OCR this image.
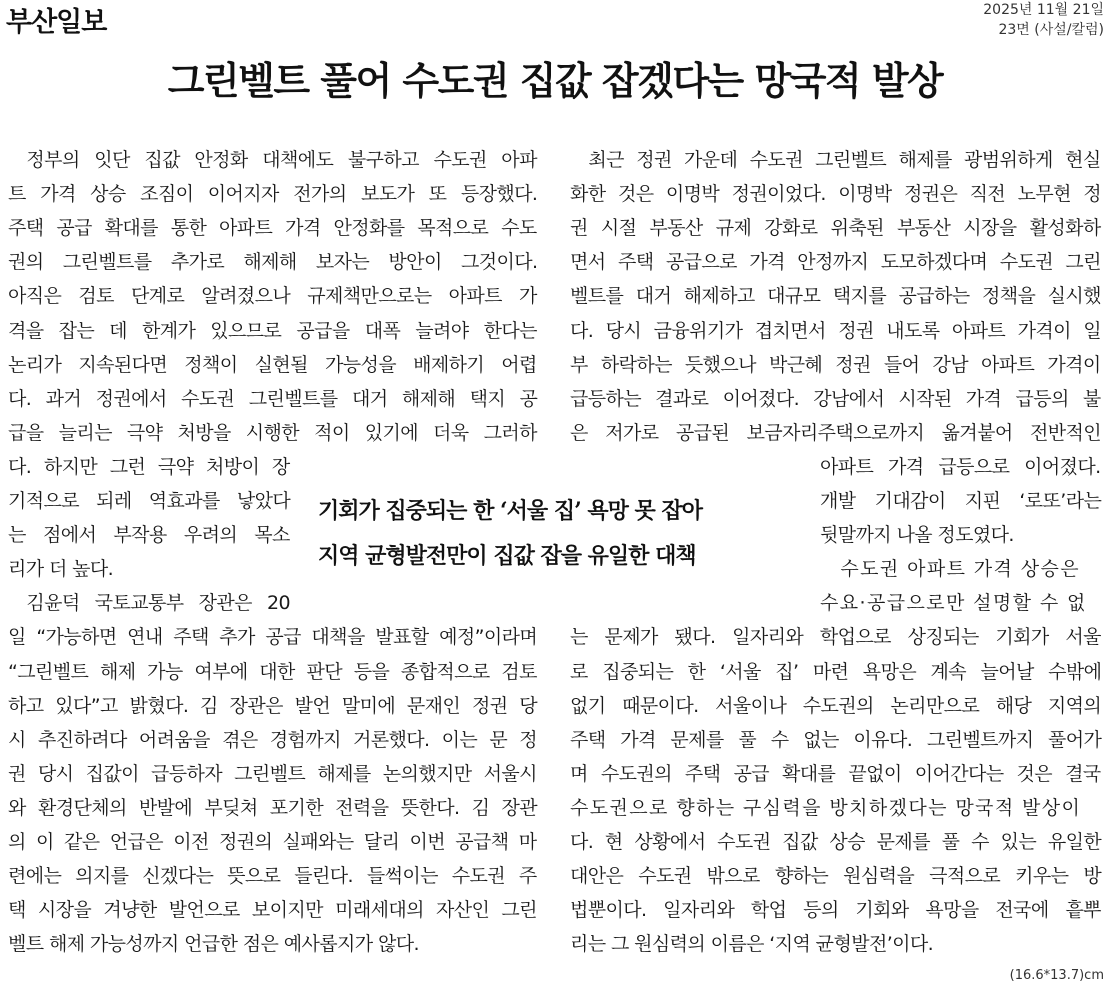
부산일보	2025년 11월 21일
23면 (사설/칼럼)
그린벨트 풀어 수도권 집값 잡겠다는 망국적 발상
기회가 집중되는 한 ‘서울 집’ 욕망 못 잡아
지역 균형발전만이 집값 잡을 유일한 대책
　정부의 잇단 집값 안정화 대책에도 불구하고 수도권 아파
트 가격 상승 조짐이 이어지자 전가의 보도가 또 등장했다.
주택 공급 확대를 통한 아파트 가격 안정화를 목적으로 수도
권의 그린벨트를 추가로 해제해 보자는 방안이 그것이다.
아직은 검토 단계로 알려졌으나 규제책만으로는 아파트 가
격을 잡는 데 한계가 있으므로 공급을 대폭 늘려야 한다는
논리가 지속된다면 정책이 실현될 가능성을 배제하기 어렵
다. 과거 정권에서 수도권 그린벨트를 대거 해제해 택지 공
급을 늘리는 극약 처방을 시행한 적이 있기에 더욱 그러하
다. 하지만 그런 극약 처방이 장
기적으로 되레 역효과를 낳았다
는 점에서 부작용 우려의 목소
리가 더 높다.
　김윤덕 국토교통부 장관은 20
일 “가능하면 연내 주택 추가 공급 대책을 발표할 예정”이라며
“그린벨트 해제 가능 여부에 대한 판단 등을 종합적으로 검토
하고 있다”고 밝혔다. 김 장관은 발언 말미에 문재인 정권 당
시 추진하려다 어려움을 겪은 경험까지 거론했다. 이는 문 정
권 당시 집값이 급등하자 그린벨트 해제를 논의했지만 서울시
와 환경단체의 반발에 부딪쳐 포기한 전력을 뜻한다. 김 장관
의 이 같은 언급은 이전 정권의 실패와는 달리 이번 공급책 마
련에는 의지를 신겠다는 뜻으로 들린다. 들썩이는 수도권 주
택 시장을 겨냥한 발언으로 보이지만 미래세대의 자산인 그린
벨트 해제 가능성까지 언급한 점은 예사롭지가 않다.
　최근 정권 가운데 수도권 그린벨트 해제를 광범위하게 현실
화한 것은 이명박 정권이었다. 이명박 정권은 직전 노무현 정
권 시절 부동산 규제 강화로 위축된 부동산 시장을 활성화하
면서 주택 공급으로 가격 안정까지 도모하겠다며 수도권 그린
벨트를 대거 해제하고 대규모 택지를 공급하는 정책을 실시했
다. 당시 금융위기가 겹치면서 정권 내도록 아파트 가격이 일
부 하락하는 듯했으나 박근혜 정권 들어 강남 아파트 가격이
급등하는 결과로 이어졌다. 강남에서 시작된 가격 급등의 불
은 저가로 공급된 보금자리주택으로까지 옮겨붙어 전반적인
아파트 가격 급등으로 이어졌다.
개발 기대감이 지핀 ‘로또’라는
뒷말까지 나올 정도였다.
　수도권 아파트 가격 상승은
수요·공급으로만 설명할 수 없
는 문제가 됐다. 일자리와 학업으로 상징되는 기회가 서울
로 집중되는 한 ‘서울 집’ 마련 욕망은 계속 늘어날 수밖에
없기 때문이다. 서울이나 수도권의 논리만으로 해당 지역의
주택 가격 문제를 풀 수 없는 이유다. 그린벨트까지 풀어가
며 수도권의 주택 공급 확대를 끝없이 이어간다는 것은 결국
수도권으로 향하는 구심력을 방치하겠다는 망국적 발상이
다. 현 상황에서 수도권 집값 상승 문제를 풀 수 있는 유일한
대안은 수도권 밖으로 향하는 원심력을 극적으로 키우는 방
법뿐이다. 일자리와 학업 등의 기회와 욕망을 전국에 흩뿌
리는 그 원심력의 이름은 ‘지역 균형발전’이다.
(16.6*13.7)cm
